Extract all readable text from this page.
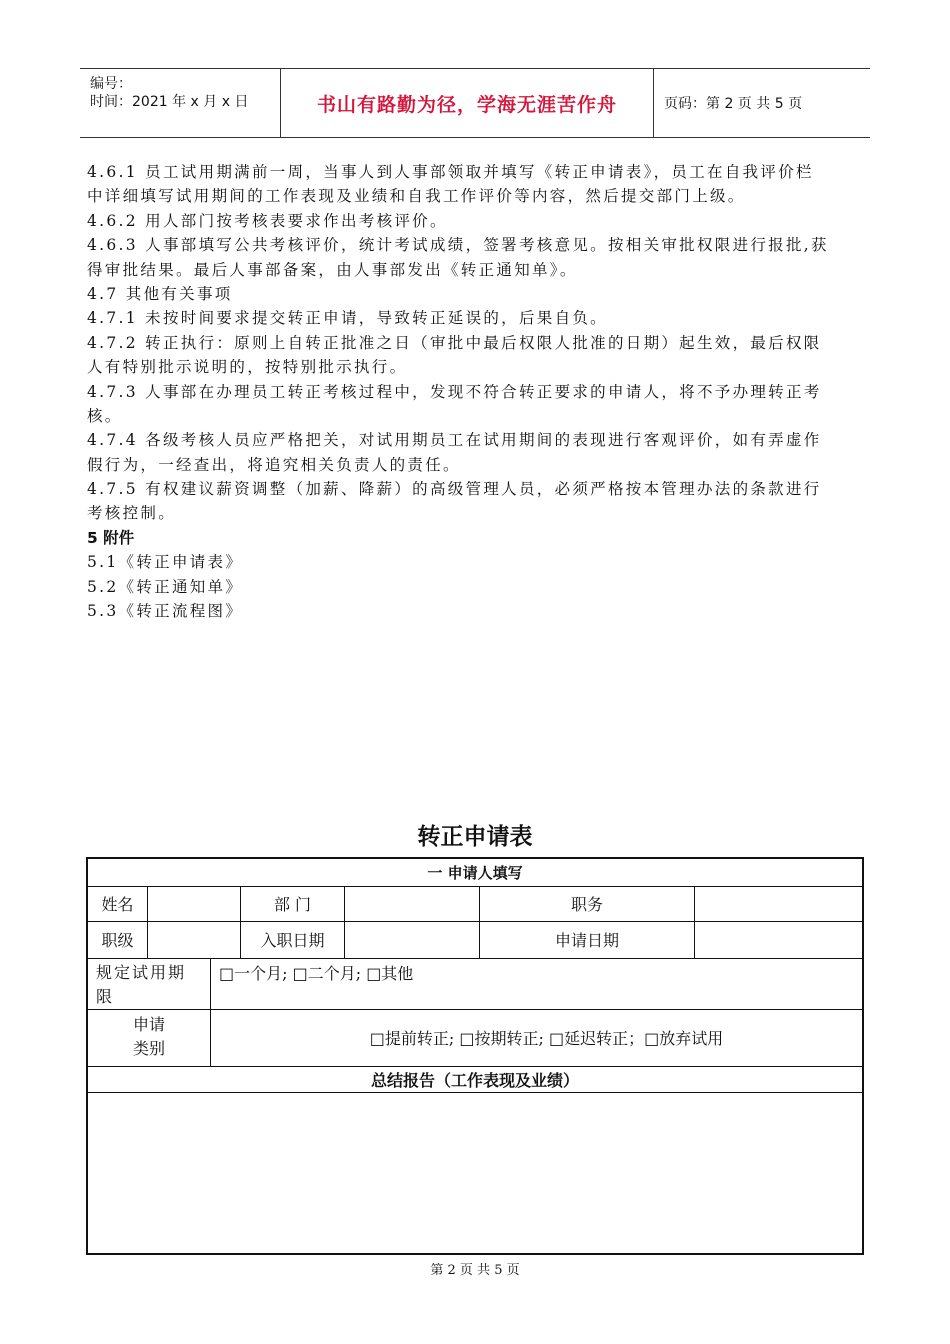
编号：
时间：2021 年 x 月 x 日	书山有路勤为径，学海无涯苦作舟	页码：第 2 页 共 5 页
4.6.1 员工试用期满前一周，当事人到人事部领取并填写《转正申请表》，员工在自我评价栏
中详细填写试用期间的工作表现及业绩和自我工作评价等内容，然后提交部门上级。
4.6.2 用人部门按考核表要求作出考核评价。
4.6.3 人事部填写公共考核评价，统计考试成绩，签署考核意见。按相关审批权限进行报批,获
得审批结果。最后人事部备案，由人事部发出《转正通知单》。
4.7 其他有关事项
4.7.1 未按时间要求提交转正申请，导致转正延误的，后果自负。
4.7.2 转正执行：原则上自转正批准之日（审批中最后权限人批准的日期）起生效，最后权限
人有特别批示说明的，按特别批示执行。
4.7.3 人事部在办理员工转正考核过程中，发现不符合转正要求的申请人，将不予办理转正考
核。
4.7.4 各级考核人员应严格把关，对试用期员工在试用期间的表现进行客观评价，如有弄虚作
假行为，一经查出，将追究相关负责人的责任。
4.7.5 有权建议薪资调整（加薪、降薪）的高级管理人员，必须严格按本管理办法的条款进行
考核控制。
5 附件
5.1《转正申请表》
5.2《转正通知单》
5.3《转正流程图》
转正申请表
一 申请人填写
姓名	部 门	职务
职级	入职日期	申请日期
规定试用期
限
□一个月; □二个月; □其他
申请
类别
□提前转正; □按期转正; □延迟转正；□放弃试用
总结报告（工作表现及业绩）
第 2 页 共 5 页
